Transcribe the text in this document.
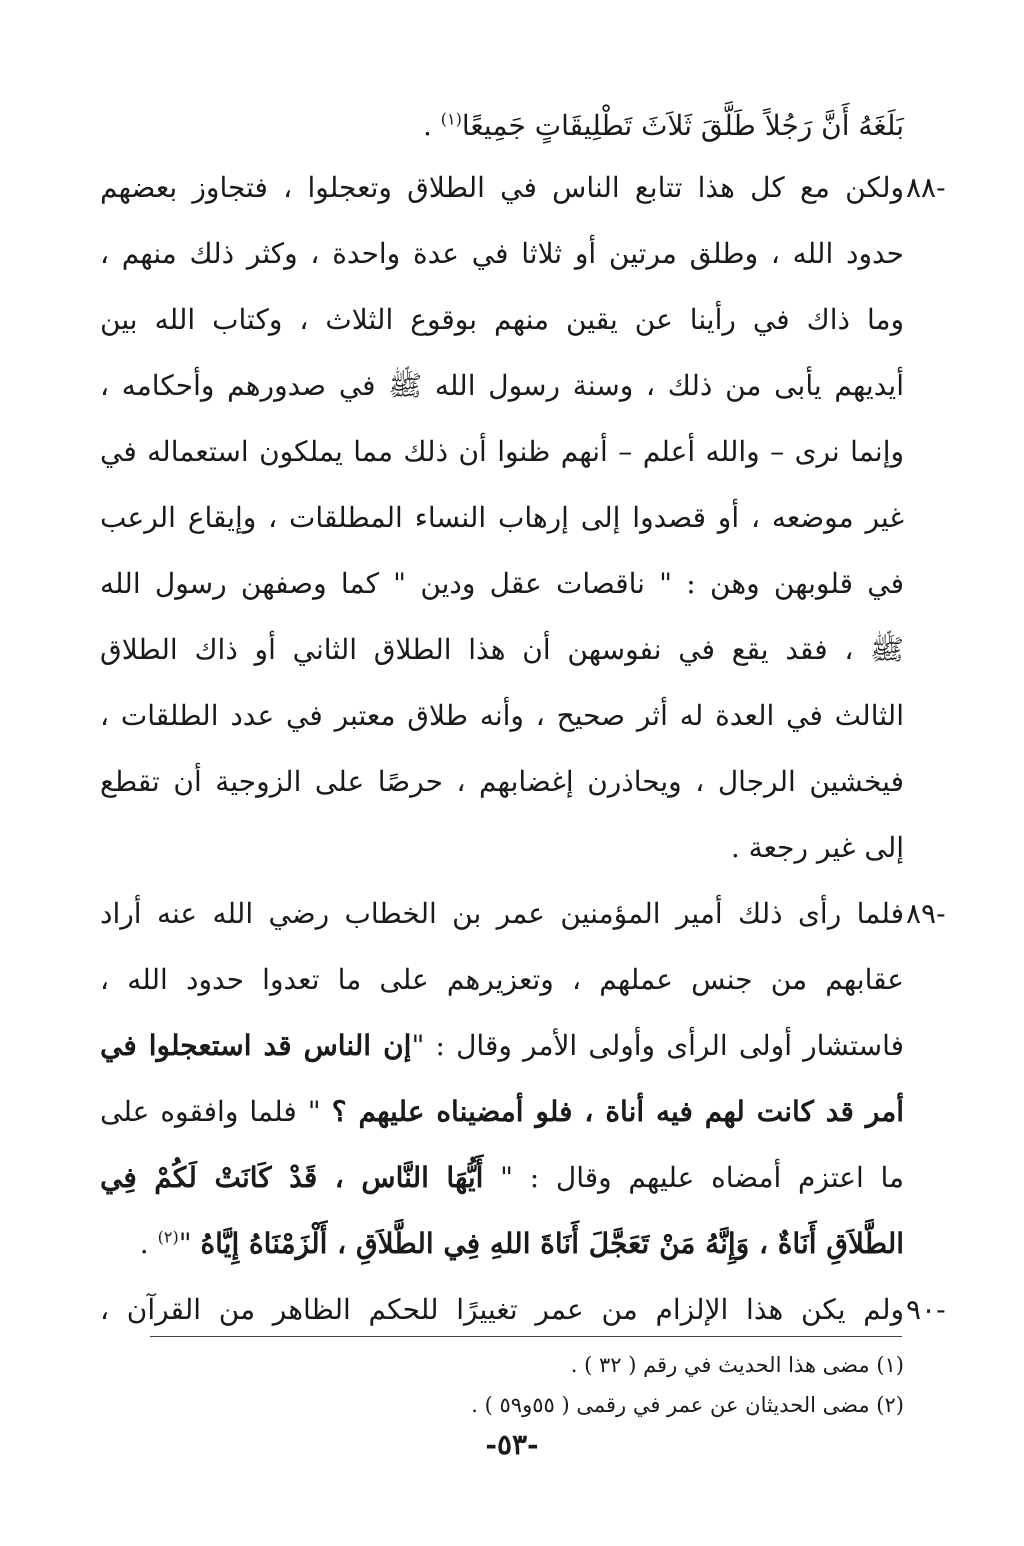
بَلَغَهُ أَنَّ رَجُلاً طَلَّقَ ثَلاَثَ تَطْلِيقَاتٍ جَمِيعًا$^{(١)}$ .
-٨٨
ولكن مع كل هذا تتابع الناس في الطلاق وتعجلوا ، فتجاوز بعضهم
حدود الله ، وطلق مرتين أو ثلاثا في عدة واحدة ، وكثر ذلك منهم ،
وما ذاك في رأينا عن يقين منهم بوقوع الثلاث ، وكتاب الله بين
أيديهم يأبى من ذلك ، وسنة رسول الله ﷺ في صدورهم وأحكامه ،
وإنما نرى – والله أعلم – أنهم ظنوا أن ذلك مما يملكون استعماله في
غير موضعه ، أو قصدوا إلى إرهاب النساء المطلقات ، وإيقاع الرعب
في قلوبهن وهن : " ناقصات عقل ودين " كما وصفهن رسول الله
ﷺ ، فقد يقع في نفوسهن أن هذا الطلاق الثاني أو ذاك الطلاق
الثالث في العدة له أثر صحيح ، وأنه طلاق معتبر في عدد الطلقات ،
فيخشين الرجال ، ويحاذرن إغضابهم ، حرصًا على الزوجية أن تقطع
إلى غير رجعة .
-٨٩
فلما رأى ذلك أمير المؤمنين عمر بن الخطاب رضي الله عنه أراد
عقابهم من جنس عملهم ، وتعزيرهم على ما تعدوا حدود الله ،
فاستشار أولى الرأى وأولى الأمر وقال : "إن الناس قد استعجلوا في
أمر قد كانت لهم فيه أناة ، فلو أمضيناه عليهم ؟ " فلما وافقوه على
ما اعتزم أمضاه عليهم وقال : " أَيُّهَا النَّاس ، قَدْ كَانَتْ لَكُمْ فِي
الطَّلاَقِ أَنَاةٌ ، وَإِنَّهُ مَنْ تَعَجَّلَ أَنَاةَ اللهِ فِي الطَّلاَقِ ، أَلْزَمْنَاهُ إِيَّاهُ "$^{(٢)}$ .
-٩٠
ولم يكن هذا الإلزام من عمر تغييرًا للحكم الظاهر من القرآن ،
(١) مضى هذا الحديث في رقم ( ٣٢ ) .
(٢) مضى الحديثان عن عمر في رقمى ( ٥٥و٥٩ ) .
-٥٣-
